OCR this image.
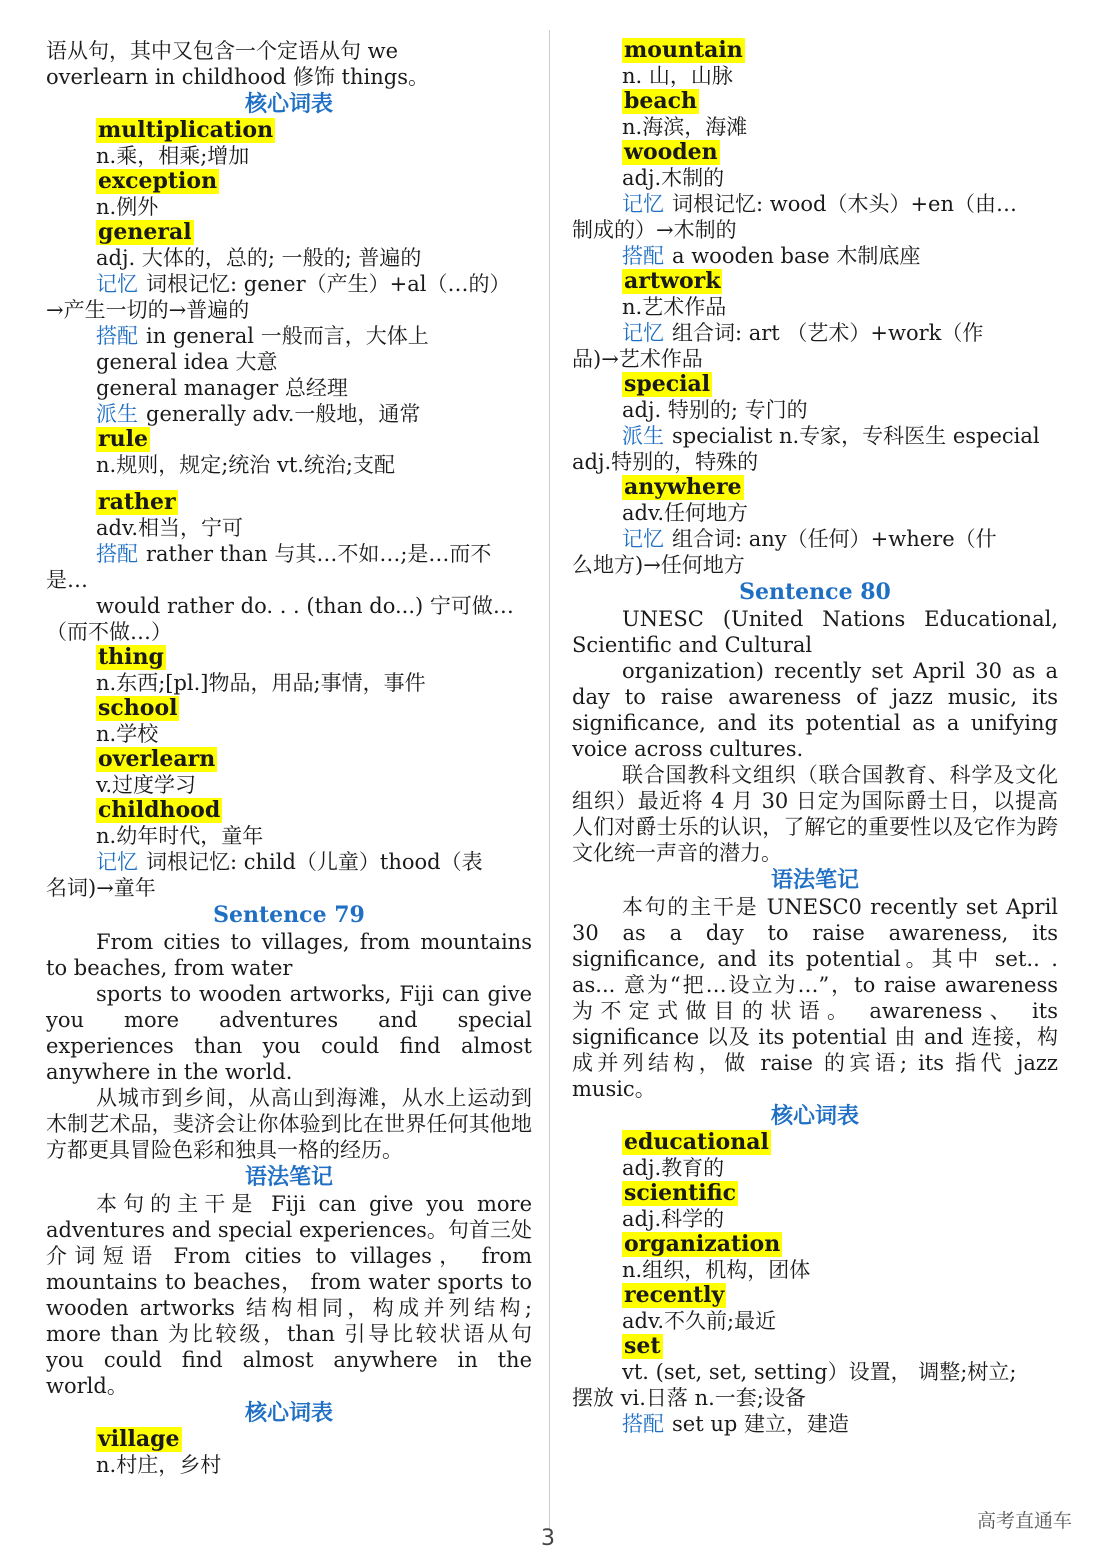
语从句，其中又包含一个定语从句 we
overlearn in childhood 修饰 things。
核心词表
multiplication
n.乘，相乘;增加
exception
n.例外
general
adj. 大体的，总的; 一般的; 普遍的
记忆 词根记忆: gener（产生）+al（…的）
→产生一切的→普遍的
搭配 in general 一般而言，大体上
general idea 大意
general manager 总经理
派生 generally adv.一般地，通常
rule
n.规则，规定;统治 vt.统治;支配
rather
adv.相当，宁可
搭配 rather than 与其…不如…;是…而不
是…
would rather do. . . (than do...) 宁可做…
（而不做…）
thing
n.东西;[pl.]物品，用品;事情，事件
school
n.学校
overlearn
v.过度学习
childhood
n.幼年时代，童年
记忆 词根记忆: child（儿童）thood（表
名词)→童年
Sentence 79

From cities to villages, from mountains to beaches, from water

sports to wooden artworks, Fiji can give you more adventures and special experiences than you could find almost anywhere in the world.

从城市到乡间，从高山到海滩，从水上运动到木制艺术品，斐济会让你体验到比在世界任何其他地方都更具冒险色彩和独具一格的经历。

语法笔记

本句的主干是 Fiji can give you more adventures and special experiences。句首三处介词短语 From cities to villages， from mountains to beaches， from water sports to wooden artworks 结构相同，构成并列结构; more than 为比较级，than 引导比较状语从句 you could find almost anywhere in the world。

核心词表
village
n.村庄，乡村
mountain
n. 山，山脉
beach
n.海滨，海滩
wooden
adj.木制的
记忆 词根记忆: wood（木头）+en（由…
制成的）→木制的
搭配 a wooden base 木制底座
artwork
n.艺术作品
记忆 组合词: art （艺术）+work（作
品)→艺术作品
special
adj. 特别的; 专门的
派生 specialist n.专家，专科医生 especial
adj.特别的，特殊的
anywhere
adv.任何地方
记忆 组合词: any（任何）+where（什
么地方)→任何地方
Sentence 80

UNESC (United Nations Educational, Scientific and Cultural

organization) recently set April 30 as a day to raise awareness of jazz music, its significance, and its potential as a unifying voice across cultures.

联合国教科文组织（联合国教育、科学及文化组织）最近将 4 月 30 日定为国际爵士日，以提高人们对爵士乐的认识，了解它的重要性以及它作为跨文化统一声音的潜力。

语法笔记

本句的主干是 UNESC0 recently set April 30 as a day to raise awareness, its significance, and its potential。其中 set.. . as... 意为“把…设立为…”，to raise awareness 为不定式做目的状语。 awareness、 its significance 以及 its potential 由 and 连接，构成并列结构，做 raise 的宾语; its 指代 jazz music。

核心词表
educational
adj.教育的
scientific
adj.科学的
organization
n.组织，机构，团体
recently
adv.不久前;最近
set
vt. (set, set, setting）设置， 调整;树立;
摆放 vi.日落 n.一套;设备
搭配 set up 建立，建造
3
高考直通车
